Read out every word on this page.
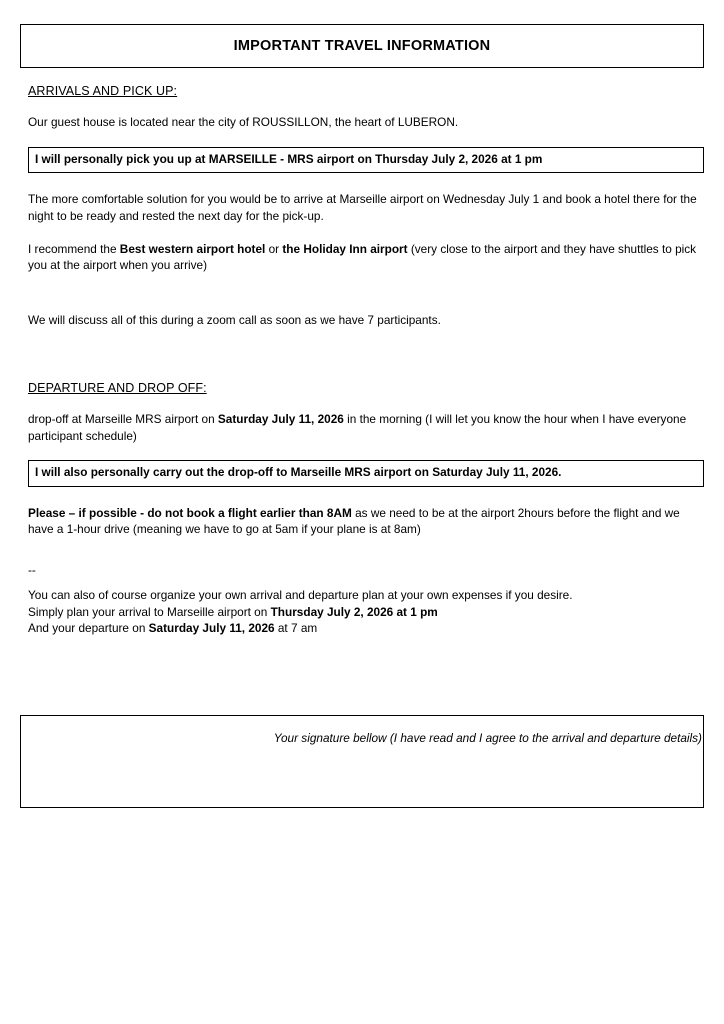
IMPORTANT TRAVEL INFORMATION
ARRIVALS AND PICK UP:

Our guest house is located near the city of ROUSSILLON, the heart of LUBERON.

I will personally pick you up at MARSEILLE - MRS airport on Thursday July 2, 2026 at 1 pm

The more comfortable solution for you would be to arrive at Marseille airport on Wednesday July 1 and book a hotel there for the night to be ready and rested the next day for the pick-up.

I recommend the Best western airport hotel or the Holiday Inn airport (very close to the airport and they have shuttles to pick you at the airport when you arrive)

We will discuss all of this during a zoom call as soon as we have 7 participants.

DEPARTURE AND DROP OFF:

drop-off at Marseille MRS airport on Saturday July 11, 2026 in the morning (I will let you know the hour when I have everyone participant schedule)

I will also personally carry out the drop-off to Marseille MRS airport on Saturday July 11, 2026.

Please – if possible - do not book a flight earlier than 8AM as we need to be at the airport 2hours before the flight and we have a 1-hour drive (meaning we have to go at 5am if your plane is at 8am)

--

You can also of course organize your own arrival and departure plan at your own expenses if you desire.

Simply plan your arrival to Marseille airport on Thursday July 2, 2026 at 1 pm

And your departure on Saturday July 11, 2026 at 7 am

Your signature bellow (I have read and I agree to the arrival and departure details)
